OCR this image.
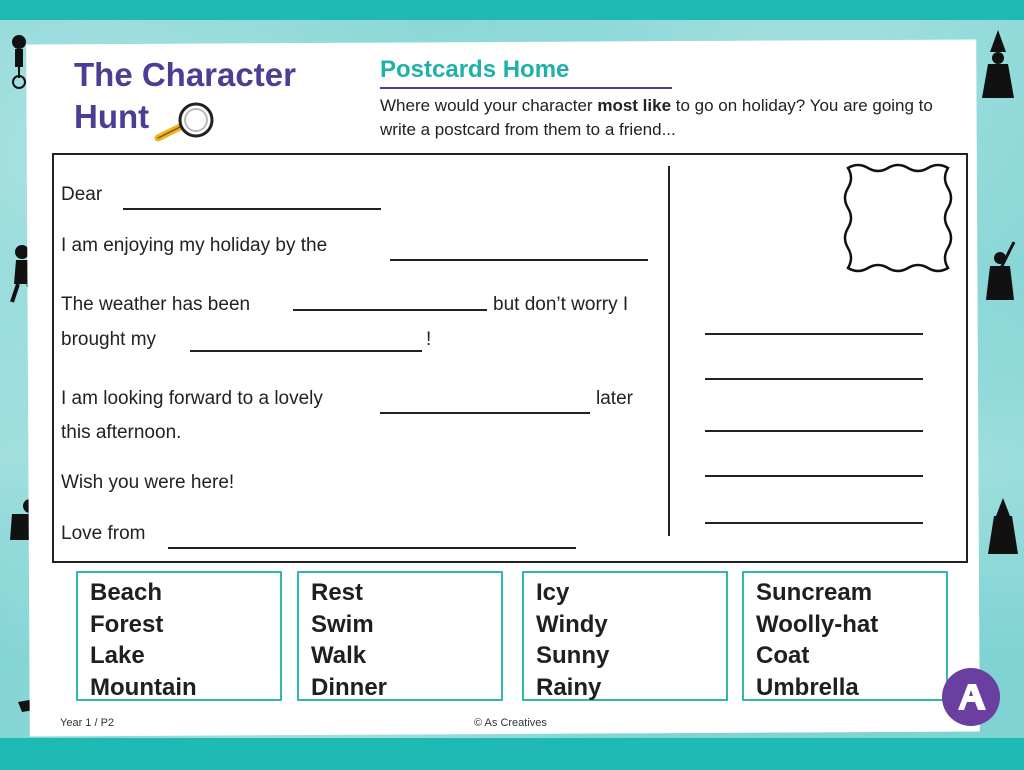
The Character
Hunt
Postcards Home
Where would your character most like to go on holiday? You are going to write a postcard from them to a friend...
Dear
I am enjoying my holiday by the
The weather has been	but don’t worry I
brought my	!
I am looking forward to a lovely	later
this afternoon.
Wish you were here!
Love from
Beach
Forest
Lake
Mountain
Rest
Swim
Walk
Dinner
Icy
Windy
Sunny
Rainy
Suncream
Woolly-hat
Coat
Umbrella
Year 1 / P2	© As Creatives
